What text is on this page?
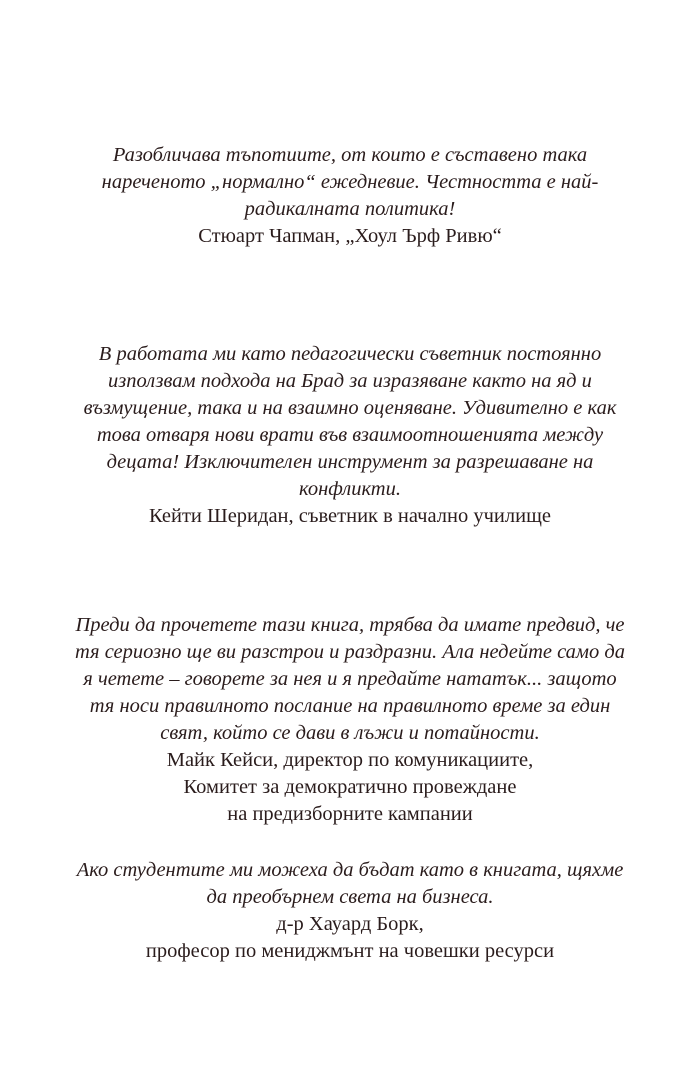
Разобличава тъпотиите, от които е съставено така
нареченото „нормално“ ежедневие. Честността е най-
радикалната политика!
Стюарт Чапман, „Хоул Ърф Ривю“
В работата ми като педагогически съветник постоянно
използвам подхода на Брад за изразяване както на яд и
възмущение, така и на взаимно оценяване. Удивително е как
това отваря нови врати във взаимоотношенията между
децата! Изключителен инструмент за разрешаване на
конфликти.
Кейти Шеридан, съветник в начално училище
Преди да прочетете тази книга, трябва да имате предвид, че
тя сериозно ще ви разстрои и раздразни. Ала недейте само да
я четете – говорете за нея и я предайте нататък... защото
тя носи правилното послание на правилното време за един
свят, който се дави в лъжи и потайности.
Майк Кейси, директор по комуникациите,
Комитет за демократично провеждане
на предизборните кампании
Ако студентите ми можеха да бъдат като в книгата, щяхме
да преобърнем света на бизнеса.
д-р Хауард Борк,
професор по мениджмънт на човешки ресурси
